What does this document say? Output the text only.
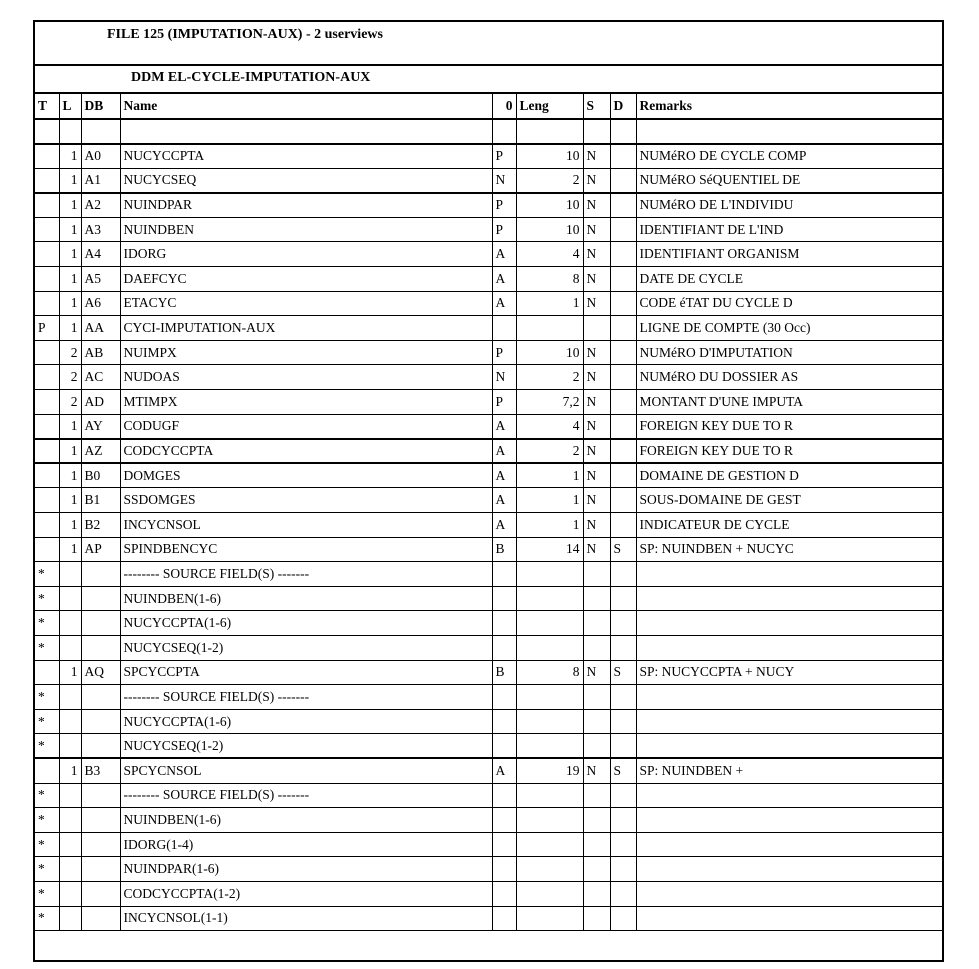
FILE 125 (IMPUTATION-AUX) - 2 userviews
DDM EL-CYCLE-IMPUTATION-AUX
T	L	DB	Name	0	Leng	S	D	Remarks

	1	A0	NUCYCCPTA	P	10	N		NUMéRO DE CYCLE COMP
	1	A1	NUCYCSEQ	N	2	N		NUMéRO SéQUENTIEL DE
	1	A2	NUINDPAR	P	10	N		NUMéRO DE L'INDIVIDU
	1	A3	NUINDBEN	P	10	N		IDENTIFIANT DE L'IND
	1	A4	IDORG	A	4	N		IDENTIFIANT ORGANISM
	1	A5	DAEFCYC	A	8	N		DATE DE CYCLE
	1	A6	ETACYC	A	1	N		CODE éTAT DU CYCLE D
P	1	AA	CYCI-IMPUTATION-AUX					LIGNE DE COMPTE (30 Occ)
	2	AB	NUIMPX	P	10	N		NUMéRO D'IMPUTATION
	2	AC	NUDOAS	N	2	N		NUMéRO DU DOSSIER AS
	2	AD	MTIMPX	P	7,2	N		MONTANT D'UNE IMPUTA
	1	AY	CODUGF	A	4	N		FOREIGN KEY DUE TO R
	1	AZ	CODCYCCPTA	A	2	N		FOREIGN KEY DUE TO R
	1	B0	DOMGES	A	1	N		DOMAINE DE GESTION D
	1	B1	SSDOMGES	A	1	N		SOUS-DOMAINE DE GEST
	1	B2	INCYCNSOL	A	1	N		INDICATEUR DE CYCLE
	1	AP	SPINDBENCYC	B	14	N	S	SP: NUINDBEN + NUCYC
*			-------- SOURCE FIELD(S) -------					
*			NUINDBEN(1-6)					
*			NUCYCCPTA(1-6)					
*			NUCYCSEQ(1-2)					
	1	AQ	SPCYCCPTA	B	8	N	S	SP: NUCYCCPTA + NUCY
*			-------- SOURCE FIELD(S) -------					
*			NUCYCCPTA(1-6)					
*			NUCYCSEQ(1-2)					
	1	B3	SPCYCNSOL	A	19	N	S	SP: NUINDBEN +
*			-------- SOURCE FIELD(S) -------					
*			NUINDBEN(1-6)					
*			IDORG(1-4)					
*			NUINDPAR(1-6)					
*			CODCYCCPTA(1-2)					
*			INCYCNSOL(1-1)					
